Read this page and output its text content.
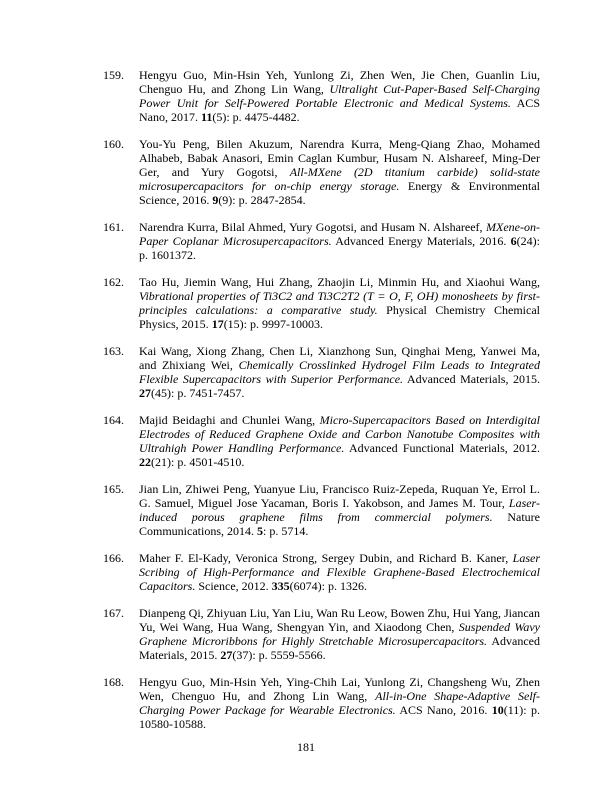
159.	Hengyu Guo, Min-Hsin Yeh, Yunlong Zi, Zhen Wen, Jie Chen, Guanlin Liu, Chenguo Hu, and Zhong Lin Wang, Ultralight Cut-Paper-Based Self-Charging Power Unit for Self-Powered Portable Electronic and Medical Systems. ACS Nano, 2017. 11(5): p. 4475-4482.
160.	You-Yu Peng, Bilen Akuzum, Narendra Kurra, Meng-Qiang Zhao, Mohamed Alhabeb, Babak Anasori, Emin Caglan Kumbur, Husam N. Alshareef, Ming-Der Ger, and Yury Gogotsi, All-MXene (2D titanium carbide) solid-state microsupercapacitors for on-chip energy storage. Energy & Environmental Science, 2016. 9(9): p. 2847-2854.
161.	Narendra Kurra, Bilal Ahmed, Yury Gogotsi, and Husam N. Alshareef, MXene-on-Paper Coplanar Microsupercapacitors. Advanced Energy Materials, 2016. 6(24): p. 1601372.
162.	Tao Hu, Jiemin Wang, Hui Zhang, Zhaojin Li, Minmin Hu, and Xiaohui Wang, Vibrational properties of Ti3C2 and Ti3C2T2 (T = O, F, OH) monosheets by first-principles calculations: a comparative study. Physical Chemistry Chemical Physics, 2015. 17(15): p. 9997-10003.
163.	Kai Wang, Xiong Zhang, Chen Li, Xianzhong Sun, Qinghai Meng, Yanwei Ma, and Zhixiang Wei, Chemically Crosslinked Hydrogel Film Leads to Integrated Flexible Supercapacitors with Superior Performance. Advanced Materials, 2015. 27(45): p. 7451-7457.
164.	Majid Beidaghi and Chunlei Wang, Micro-Supercapacitors Based on Interdigital Electrodes of Reduced Graphene Oxide and Carbon Nanotube Composites with Ultrahigh Power Handling Performance. Advanced Functional Materials, 2012. 22(21): p. 4501-4510.
165.	Jian Lin, Zhiwei Peng, Yuanyue Liu, Francisco Ruiz-Zepeda, Ruquan Ye, Errol L. G. Samuel, Miguel Jose Yacaman, Boris I. Yakobson, and James M. Tour, Laser-induced porous graphene films from commercial polymers. Nature Communications, 2014. 5: p. 5714.
166.	Maher F. El-Kady, Veronica Strong, Sergey Dubin, and Richard B. Kaner, Laser Scribing of High-Performance and Flexible Graphene-Based Electrochemical Capacitors. Science, 2012. 335(6074): p. 1326.
167.	Dianpeng Qi, Zhiyuan Liu, Yan Liu, Wan Ru Leow, Bowen Zhu, Hui Yang, Jiancan Yu, Wei Wang, Hua Wang, Shengyan Yin, and Xiaodong Chen, Suspended Wavy Graphene Microribbons for Highly Stretchable Microsupercapacitors. Advanced Materials, 2015. 27(37): p. 5559-5566.
168.	Hengyu Guo, Min-Hsin Yeh, Ying-Chih Lai, Yunlong Zi, Changsheng Wu, Zhen Wen, Chenguo Hu, and Zhong Lin Wang, All-in-One Shape-Adaptive Self-Charging Power Package for Wearable Electronics. ACS Nano, 2016. 10(11): p. 10580-10588.
181
